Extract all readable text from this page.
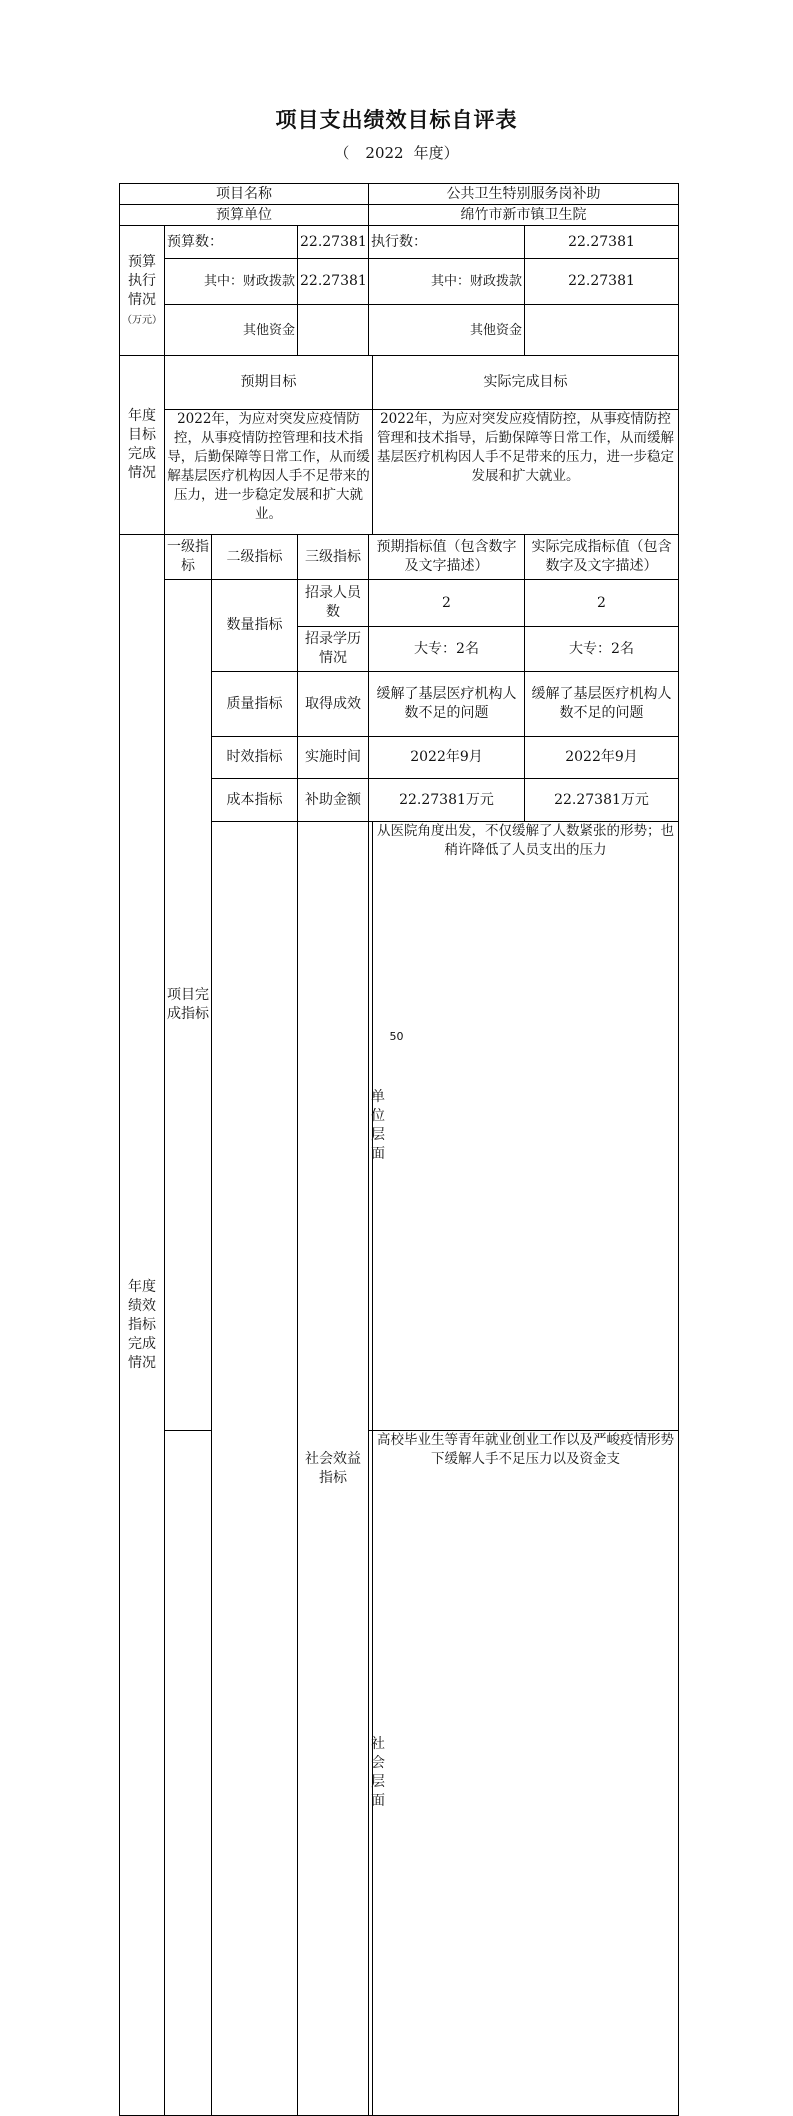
项目支出绩效目标自评表
（ 2022 年度）
项目名称				公共卫生特别服务岗补助			
预算单位				绵竹市新市镇卫生院			
预算执行情况
（万元）	预算数：		22.27381	执行数：		22.27381	
	其中：财政拨款		22.27381	其中：财政拨款		22.27381	
	其他资金			其他资金			
年度目标完成情况	预期目标				实际完成目标		
	2022年，为应对突发应疫情防控，从事疫情防控管理和技术指导，后勤保障等日常工作，从而缓解基层医疗机构因人手不足带来的压力，进一步稳定发展和扩大就业。				2022年，为应对突发应疫情防控，从事疫情防控管理和技术指导，后勤保障等日常工作，从而缓解基层医疗机构因人手不足带来的压力，进一步稳定发展和扩大就业。		
年度绩效指标完成情况	一级指标	二级指标	三级指标	预期指标值（包含数字及文字描述）		实际完成指标值（包含数字及文字描述）	
	项目完成指标	数量指标	招录人员数	2		2	
			招录学历情况	大专：2名		大专：2名	
		质量指标	取得成效	缓解了基层医疗机构人数不足的问题		缓解了基层医疗机构人数不足的问题	
		时效指标	实施时间	2022年9月		2022年9月	
		成本指标	补助金额	22.27381万元		22.27381万元	
			社会效益指标	单位层面	从医院角度出发，不仅缓解了人数紧张的形势；也稍许降低了人员支出的压力	
				社会层面	高校毕业生等青年就业创业工作以及严峻疫情形势下缓解人手不足压力以及资金支	
50
